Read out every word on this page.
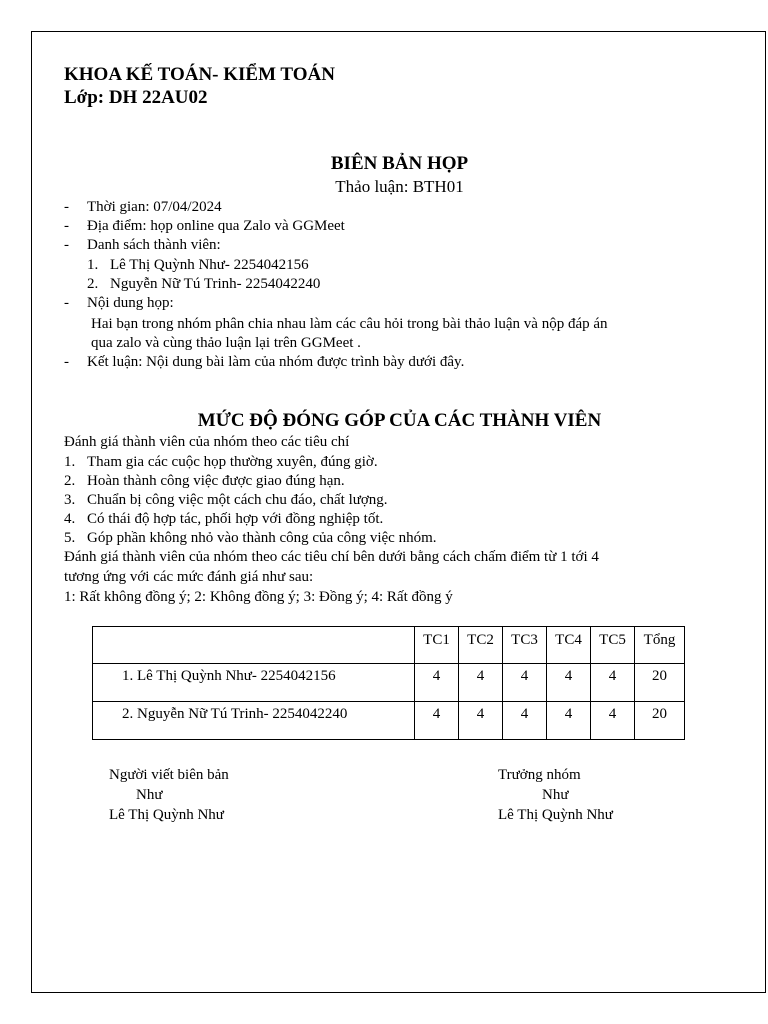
KHOA KẾ TOÁN- KIỂM TOÁN
Lớp: DH 22AU02
BIÊN BẢN HỌP
Thảo luận: BTH01
- Thời gian: 07/04/2024
- Địa điểm: họp online qua Zalo và GGMeet
- Danh sách thành viên:
1. Lê Thị Quỳnh Như- 2254042156
2. Nguyễn Nữ Tú Trinh- 2254042240
- Nội dung họp:
Hai bạn trong nhóm phân chia nhau làm các câu hỏi trong bài thảo luận và nộp đáp án
qua zalo và cùng thảo luận lại trên GGMeet .
- Kết luận: Nội dung bài làm của nhóm được trình bày dưới đây.
MỨC ĐỘ ĐÓNG GÓP CỦA CÁC THÀNH VIÊN
Đánh giá thành viên của nhóm theo các tiêu chí
1. Tham gia các cuộc họp thường xuyên, đúng giờ.
2. Hoàn thành công việc được giao đúng hạn.
3. Chuẩn bị công việc một cách chu đáo, chất lượng.
4. Có thái độ hợp tác, phối hợp với đồng nghiệp tốt.
5. Góp phần không nhỏ vào thành công của công việc nhóm.
Đánh giá thành viên của nhóm theo các tiêu chí bên dưới bằng cách chấm điểm từ 1 tới 4
tương ứng với các mức đánh giá như sau:
1: Rất không đồng ý; 2: Không đồng ý; 3: Đồng ý; 4: Rất đồng ý
	TC1	TC2	TC3	TC4	TC5	Tổng
1. Lê Thị Quỳnh Như- 2254042156	4	4	4	4	4	20
2. Nguyễn Nữ Tú Trinh- 2254042240	4	4	4	4	4	20
Người viết biên bản
Như
Lê Thị Quỳnh Như
Trưởng nhóm
Như
Lê Thị Quỳnh Như
